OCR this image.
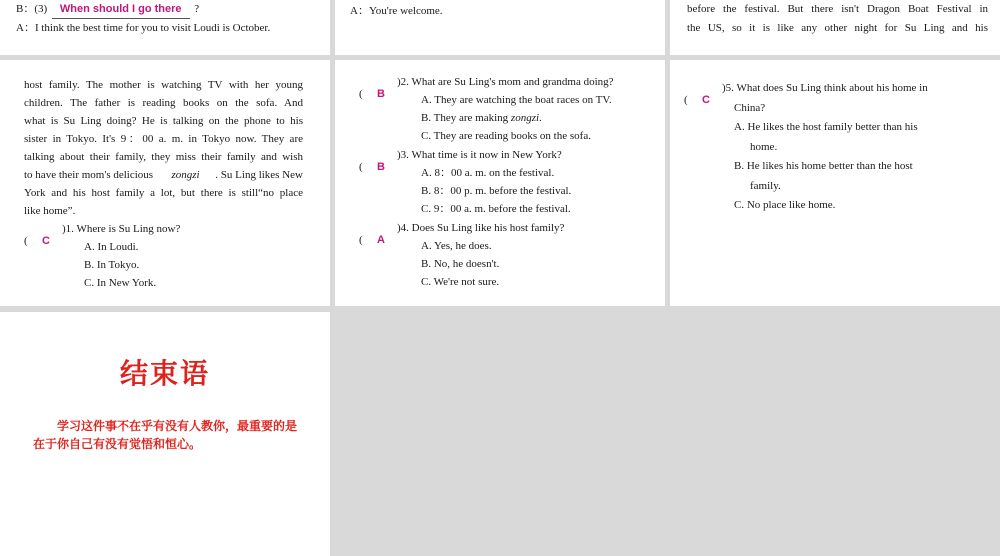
B：(3) When should I go there ?
A：I think the best time for you to visit Loudi is October.
A：You're welcome.	before the festival. But there isn't Dragon Boat Festival in
the US, so it is like any other night for Su Ling and his
host family. The mother is watching TV with her young
children. The father is reading books on the sofa. And
what is Su Ling doing? He is talking on the phone to his
sister in Tokyo. It's 9：00 a. m. in Tokyo now. They are
talking about their family, they miss their family and wish
to have their mom's delicious zongzi . Su Ling likes New
York and his host family a lot, but there is still“no place
like home”.
( C
)1. Where is Su Ling now?
A. In Loudi.
B. In Tokyo.
C. In New York.
( B
)2. What are Su Ling's mom and grandma doing?
A. They are watching the boat races on TV.
B. They are making zongzi.
C. They are reading books on the sofa.
( B
)3. What time is it now in New York?
A. 8：00 a. m. on the festival.
B. 8：00 p. m. before the festival.
C. 9：00 a. m. before the festival.
( A
)4. Does Su Ling like his host family?
A. Yes, he does.
B. No, he doesn't.
C. We're not sure.
( C
)5. What does Su Ling think about his home in
China?
A. He likes the host family better than his
home.
B. He likes his home better than the host
family.
C. No place like home.
结束语
学习这件事不在乎有没有人教你，最重要的是在于你自己有没有觉悟和恒心。
